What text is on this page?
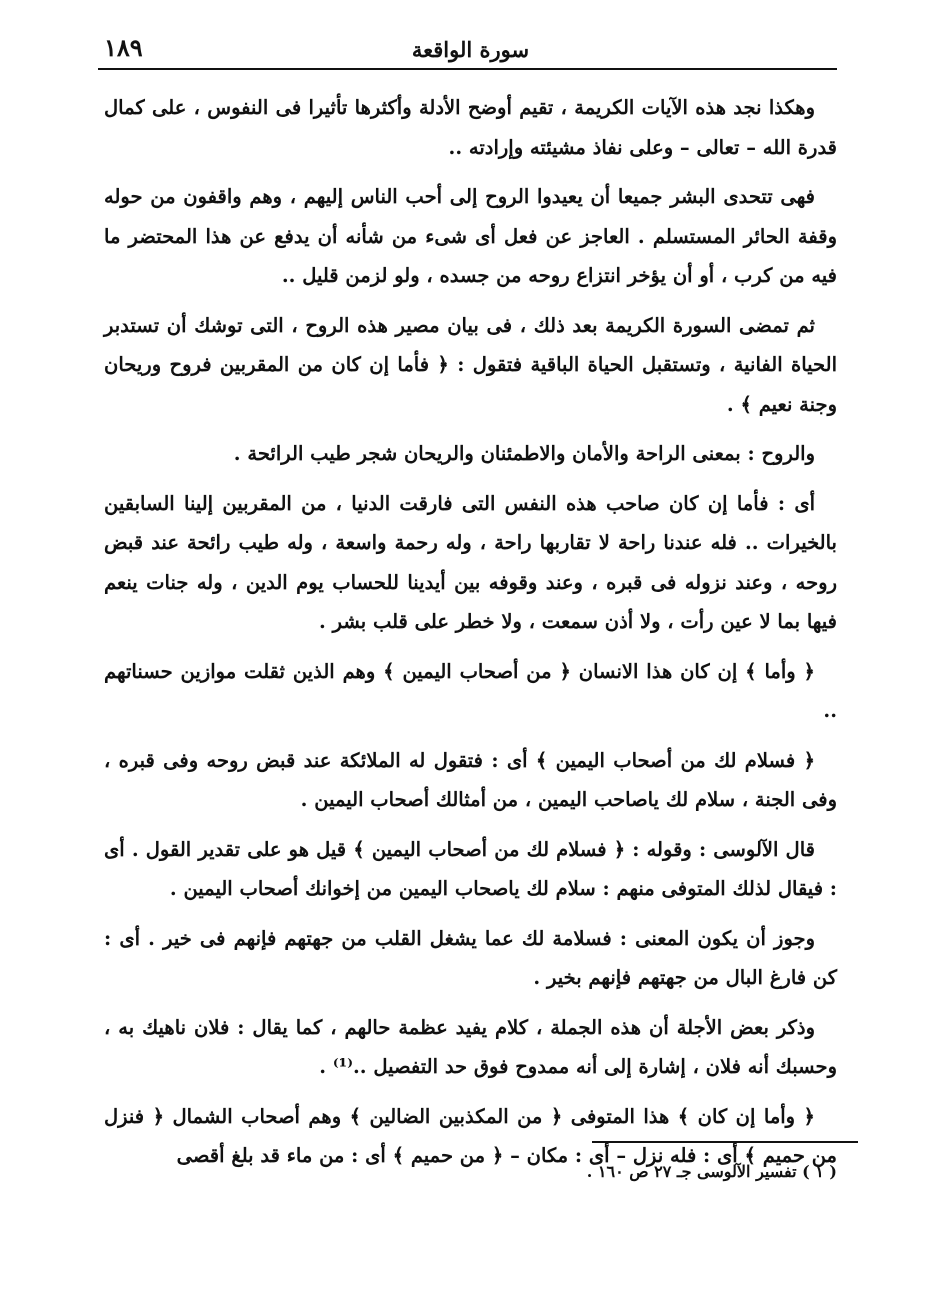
سورة الواقعة
١٨٩

وهكذا نجد هذه الآيات الكريمة ، تقيم أوضح الأدلة وأكثرها تأثيرا فى النفوس ، على كمال قدرة الله – تعالى – وعلى نفاذ مشيئته وإرادته ..

فهى تتحدى البشر جميعا أن يعيدوا الروح إلى أحب الناس إليهم ، وهم واقفون من حوله وقفة الحائر المستسلم . العاجز عن فعل أى شىء من شأنه أن يدفع عن هذا المحتضر ما فيه من كرب ، أو أن يؤخر انتزاع روحه من جسده ، ولو لزمن قليل ..

ثم تمضى السورة الكريمة بعد ذلك ، فى بيان مصير هذه الروح ، التى توشك أن تستدبر الحياة الفانية ، وتستقبل الحياة الباقية فتقول : ﴿ فأما إن كان من المقربين فروح وريحان وجنة نعيم ﴾ .

والروح : بمعنى الراحة والأمان والاطمئنان والريحان شجر طيب الرائحة .

أى : فأما إن كان صاحب هذه النفس التى فارقت الدنيا ، من المقربين إلينا السابقين بالخيرات .. فله عندنا راحة لا تقاربها راحة ، وله رحمة واسعة ، وله طيب رائحة عند قبض روحه ، وعند نزوله فى قبره ، وعند وقوفه بين أيدينا للحساب يوم الدين ، وله جنات ينعم فيها بما لا عين رأت ، ولا أذن سمعت ، ولا خطر على قلب بشر .

﴿ وأما ﴾ إن كان هذا الانسان ﴿ من أصحاب اليمين ﴾ وهم الذين ثقلت موازين حسناتهم ..

﴿ فسلام لك من أصحاب اليمين ﴾ أى : فتقول له الملائكة عند قبض روحه وفى قبره ، وفى الجنة ، سلام لك ياصاحب اليمين ، من أمثالك أصحاب اليمين .

قال الآلوسى : وقوله : ﴿ فسلام لك من أصحاب اليمين ﴾ قيل هو على تقدير القول . أى : فيقال لذلك المتوفى منهم : سلام لك ياصحاب اليمين من إخوانك أصحاب اليمين .

وجوز أن يكون المعنى : فسلامة لك عما يشغل القلب من جهتهم فإنهم فى خير . أى : كن فارغ البال من جهتهم فإنهم بخير .

وذكر بعض الأجلة أن هذه الجملة ، كلام يفيد عظمة حالهم ، كما يقال : فلان ناهيك به ، وحسبك أنه فلان ، إشارة إلى أنه ممدوح فوق حد التفصيل ..⁽¹⁾ .

﴿ وأما إن كان ﴾ هذا المتوفى ﴿ من المكذبين الضالين ﴾ وهم أصحاب الشمال ﴿ فنزل من حميم ﴾ أى : فله نزل – أى : مكان – ﴿ من حميم ﴾ أى : من ماء قد بلغ أقصى

( ١ ) تفسير الآلوسى جـ ٢٧ ص ١٦٠ .
